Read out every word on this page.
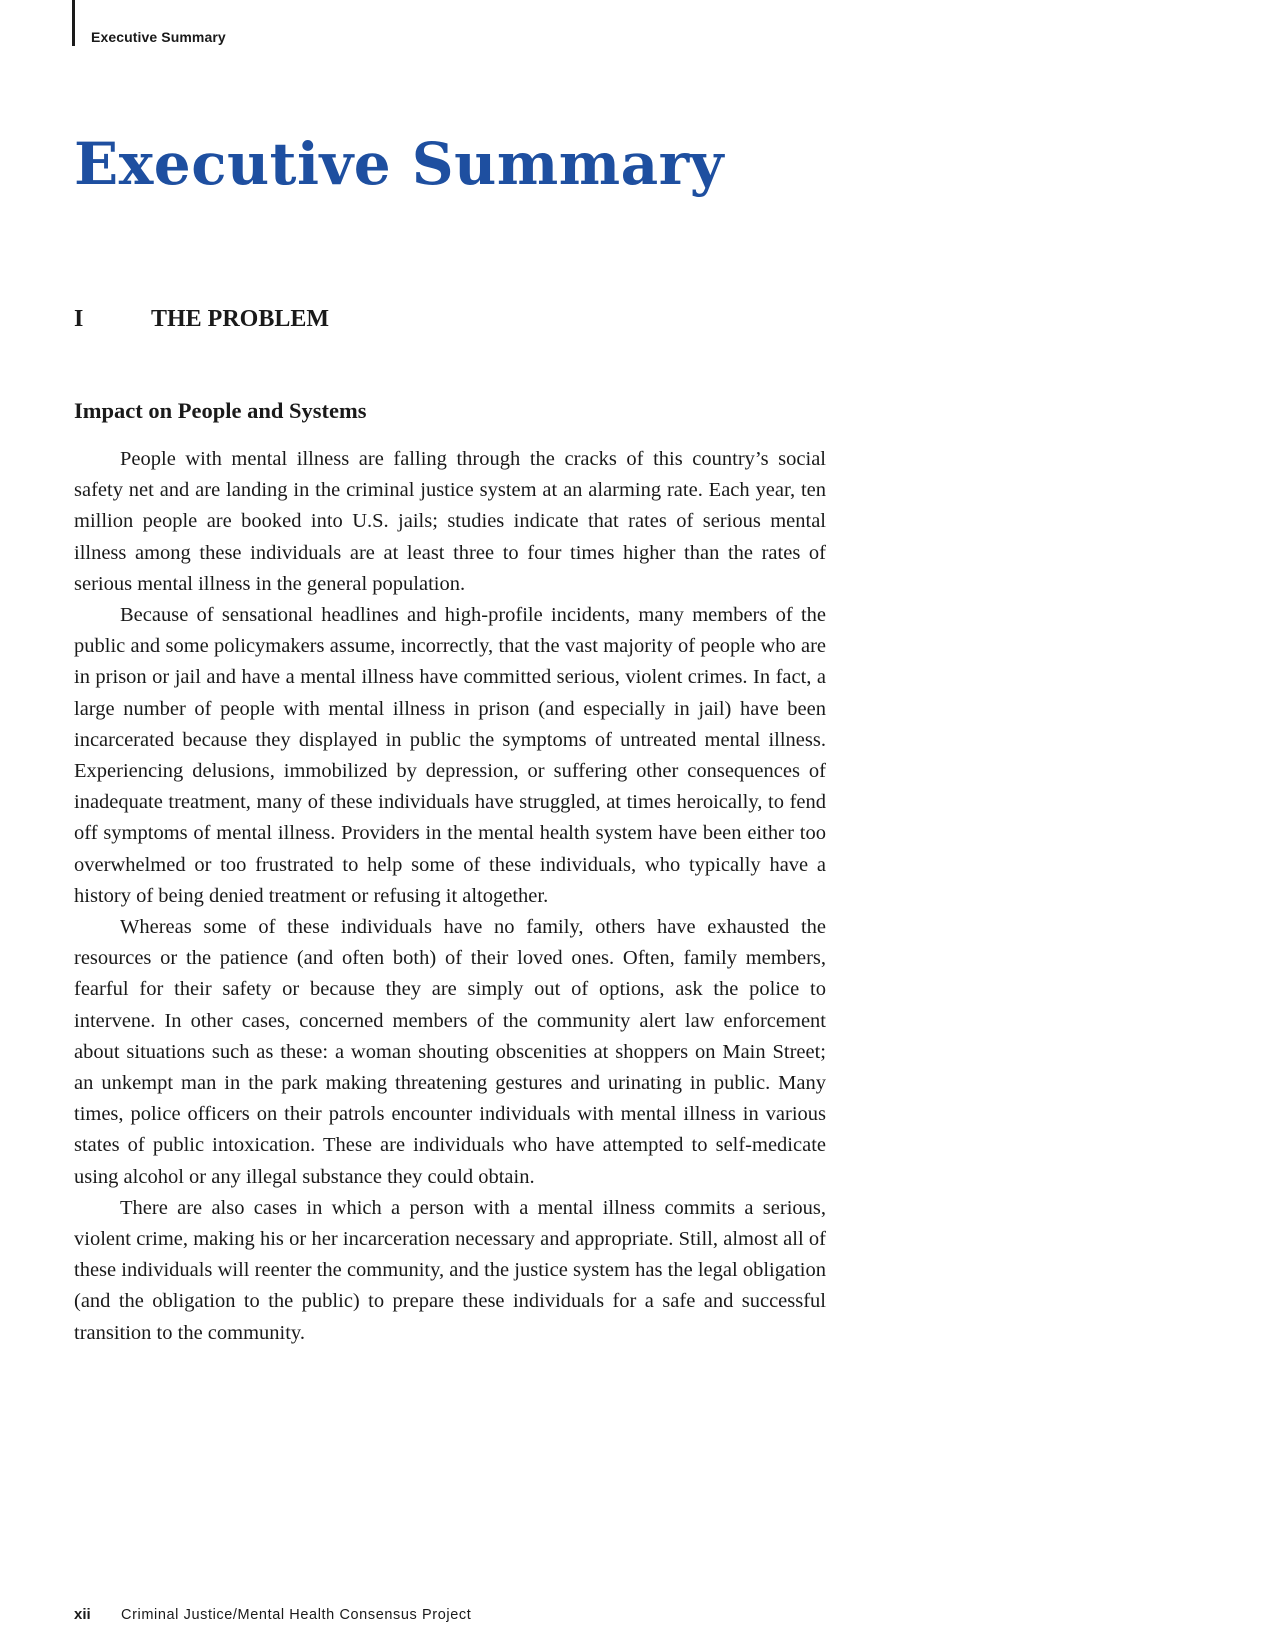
Executive Summary
Executive Summary
I	THE PROBLEM
Impact on People and Systems

People with mental illness are falling through the cracks of this country’s social safety net and are landing in the criminal justice system at an alarming rate. Each year, ten million people are booked into U.S. jails; studies indicate that rates of serious mental illness among these individuals are at least three to four times higher than the rates of serious mental illness in the general population.

Because of sensational headlines and high-profile incidents, many members of the public and some policymakers assume, incorrectly, that the vast majority of people who are in prison or jail and have a mental illness have committed serious, violent crimes. In fact, a large number of people with mental illness in prison (and especially in jail) have been incarcerated because they displayed in public the symptoms of untreated mental illness. Experiencing delusions, immobilized by depression, or suffering other consequences of inadequate treatment, many of these individuals have struggled, at times heroically, to fend off symptoms of mental illness. Providers in the mental health system have been either too overwhelmed or too frustrated to help some of these individuals, who typically have a history of being denied treatment or refusing it altogether.

Whereas some of these individuals have no family, others have exhausted the resources or the patience (and often both) of their loved ones. Often, family members, fearful for their safety or because they are simply out of options, ask the police to intervene. In other cases, concerned members of the community alert law enforcement about situations such as these: a woman shouting obscenities at shoppers on Main Street; an unkempt man in the park making threatening gestures and urinating in public. Many times, police officers on their patrols encounter individuals with mental illness in various states of public intoxication. These are individuals who have attempted to self-medicate using alcohol or any illegal substance they could obtain.

There are also cases in which a person with a mental illness commits a serious, violent crime, making his or her incarceration necessary and appropriate. Still, almost all of these individuals will reenter the community, and the justice system has the legal obligation (and the obligation to the public) to prepare these individuals for a safe and successful transition to the community.

xii	Criminal Justice/Mental Health Consensus Project
